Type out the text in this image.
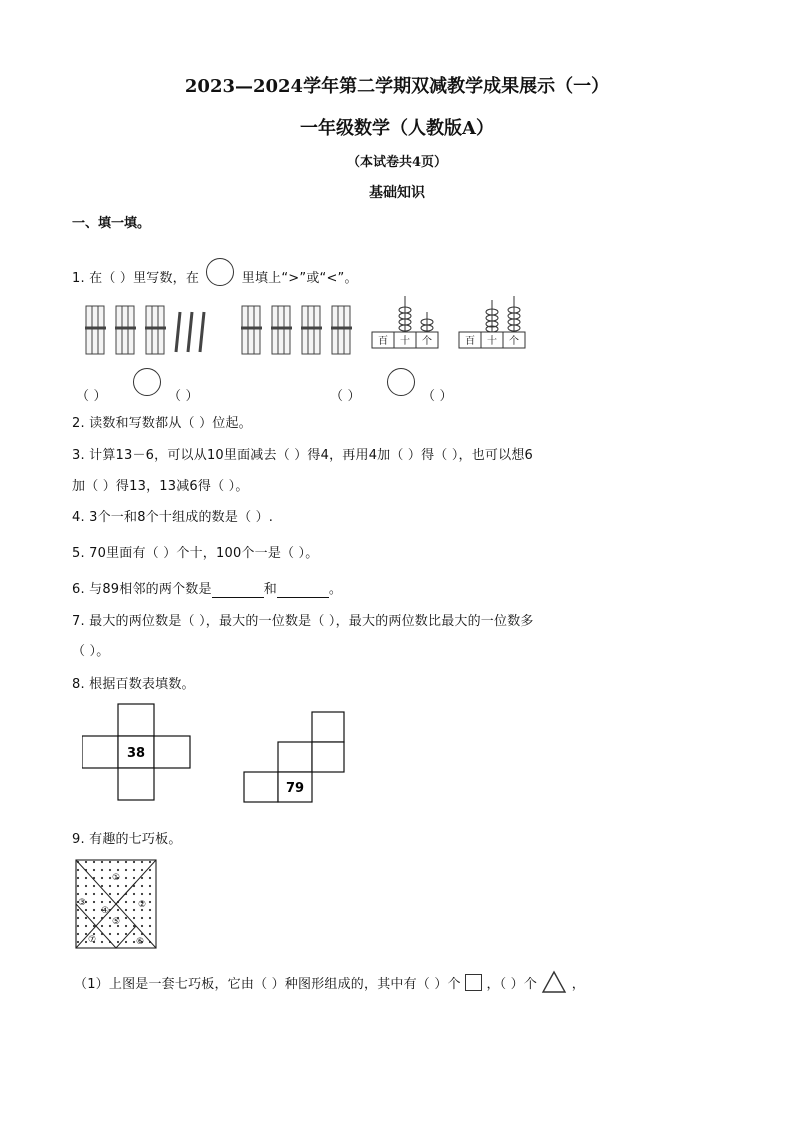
2023—2024学年第二学期双减教学成果展示（一）
一年级数学（人教版A）
（本试卷共4页）
基础知识
一、填一填。
1. 在（ ）里写数，在	里填上“>”或“<”。
百 十 个	百 十 个
（ ）	（ ）	（ ）	（ ）
2. 读数和写数都从（ ）位起。
3. 计算13－6，可以从10里面减去（ ）得4，再用4加（ ）得（ ），也可以想6
加（ ）得13，13减6得（ ）。
4. 3个一和8个十组成的数是（ ）.
5. 70里面有（ ）个十，100个一是（ ）。
6. 与89相邻的两个数是	和	。
7. 最大的两位数是（ ），最大的一位数是（ ），最大的两位数比最大的一位数多
（ ）。
8. 根据百数表填数。
38
79
9. 有趣的七巧板。
①
②
③
④
⑤
⑥
⑦
（1）上图是一套七巧板，它由（ ）种图形组成的，其中有（ ）个 ，（ ）个	，
